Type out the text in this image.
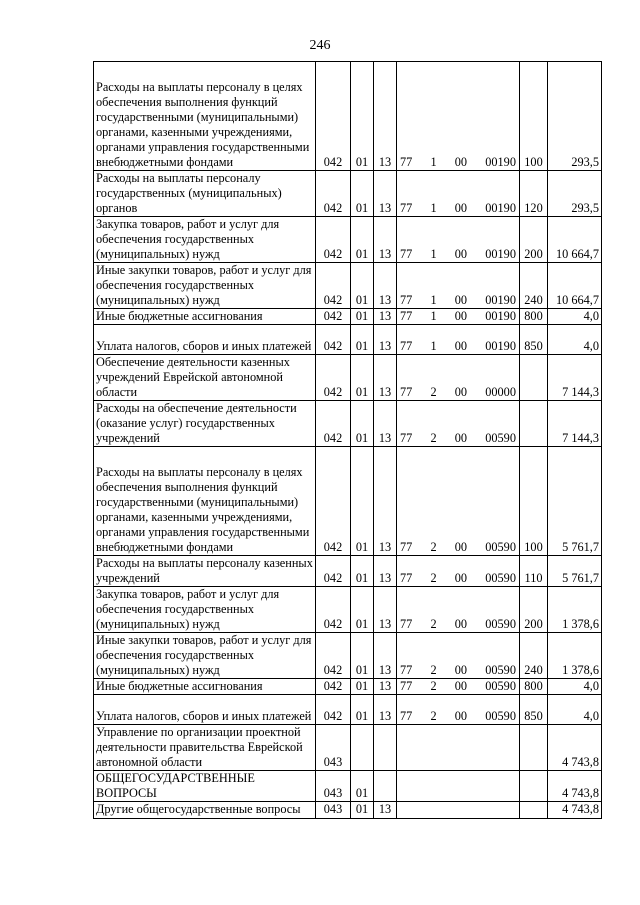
246
Расходы на выплаты персоналу в целях обеспечения выполнения функций государственными (муниципальными) органами, казенными учреждениями, органами управления государственными внебюджетными фондами	042	01	13	77 1 00 00190	100	293,5
Расходы на выплаты персоналу государственных (муниципальных) органов	042	01	13	77 1 00 00190	120	293,5
Закупка товаров, работ и услуг для обеспечения государственных (муниципальных) нужд	042	01	13	77 1 00 00190	200	10 664,7
Иные закупки товаров, работ и услуг для обеспечения государственных (муниципальных) нужд	042	01	13	77 1 00 00190	240	10 664,7
Иные бюджетные ассигнования	042	01	13	77 1 00 00190	800	4,0
Уплата налогов, сборов и иных платежей	042	01	13	77 1 00 00190	850	4,0
Обеспечение деятельности казенных учреждений Еврейской автономной области	042	01	13	77 2 00 00000		7 144,3
Расходы на обеспечение деятельности (оказание услуг) государственных учреждений	042	01	13	77 2 00 00590		7 144,3
Расходы на выплаты персоналу в целях обеспечения выполнения функций государственными (муниципальными) органами, казенными учреждениями, органами управления государственными внебюджетными фондами	042	01	13	77 2 00 00590	100	5 761,7
Расходы на выплаты персоналу казенных учреждений	042	01	13	77 2 00 00590	110	5 761,7
Закупка товаров, работ и услуг для обеспечения государственных (муниципальных) нужд	042	01	13	77 2 00 00590	200	1 378,6
Иные закупки товаров, работ и услуг для обеспечения государственных (муниципальных) нужд	042	01	13	77 2 00 00590	240	1 378,6
Иные бюджетные ассигнования	042	01	13	77 2 00 00590	800	4,0
Уплата налогов, сборов и иных платежей	042	01	13	77 2 00 00590	850	4,0
Управление по организации проектной деятельности правительства Еврейской автономной области	043					4 743,8
ОБЩЕГОСУДАРСТВЕННЫЕ ВОПРОСЫ	043	01				4 743,8
Другие общегосударственные вопросы	043	01	13			4 743,8
